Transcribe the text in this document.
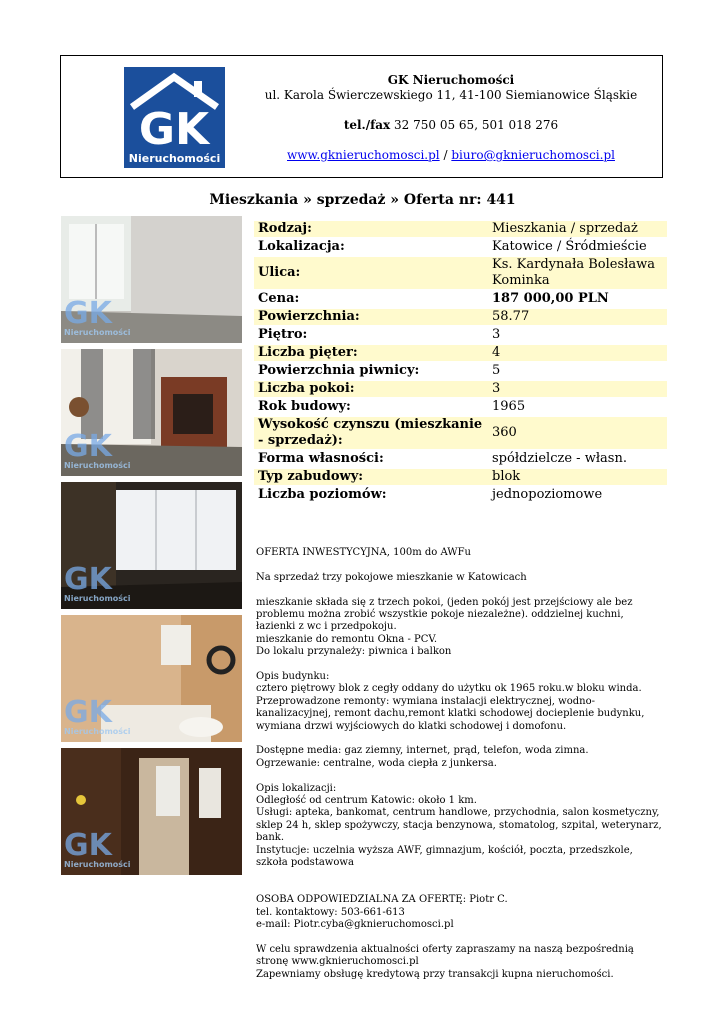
GK
Nieruchomości
GK Nieruchomości
ul. Karola Świerczewskiego 11, 41-100 Siemianowice Śląskie
tel./fax 32 750 05 65, 501 018 276
www.gknieruchomosci.pl / biuro@gknieruchomosci.pl
Mieszkania » sprzedaż » Oferta nr: 441
GK
Nieruchomości
GK
Nieruchomości
GK
Nieruchomości
GK
Nieruchomości
GK
Nieruchomości
Rodzaj:	Mieszkania / sprzedaż
Lokalizacja:	Katowice / Śródmieście
Ulica:	Ks. Kardynała Bolesława Kominka
Cena:	187 000,00 PLN
Powierzchnia:	58.77
Piętro:	3
Liczba pięter:	4
Powierzchnia piwnicy:	5
Liczba pokoi:	3
Rok budowy:	1965
Wysokość czynszu (mieszkanie - sprzedaż):	360
Forma własności:	spółdzielcze - własn.
Typ zabudowy:	blok
Liczba poziomów:	jednopoziomowe

OFERTA INWESTYCYJNA, 100m do AWFu

Na sprzedaż trzy pokojowe mieszkanie w Katowicach

mieszkanie składa się z trzech pokoi, (jeden pokój jest przejściowy ale bez problemu można zrobić wszystkie pokoje niezależne). oddzielnej kuchni, łazienki z wc i przedpokoju.

mieszkanie do remontu Okna - PCV.

Do lokalu przynależy: piwnica i balkon

Opis budynku:

cztero piętrowy blok z cegły oddany do użytku ok 1965 roku.w bloku winda.

Przeprowadzone remonty: wymiana instalacji elektrycznej, wodno-kanalizacyjnej, remont dachu,remont klatki schodowej docieplenie budynku, wymiana drzwi wyjściowych do klatki schodowej i domofonu.

Dostępne media: gaz ziemny, internet, prąd, telefon, woda zimna.

Ogrzewanie: centralne, woda ciepła z junkersa.

Opis lokalizacji:

Odległość od centrum Katowic: około 1 km.

Usługi: apteka, bankomat, centrum handlowe, przychodnia, salon kosmetyczny, sklep 24 h, sklep spożywczy, stacja benzynowa, stomatolog, szpital, weterynarz, bank.

Instytucje: uczelnia wyższa AWF, gimnazjum, kościół, poczta, przedszkole, szkoła podstawowa

OSOBA ODPOWIEDZIALNA ZA OFERTĘ: Piotr C.

tel. kontaktowy: 503-661-613

e-mail: Piotr.cyba@gknieruchomosci.pl

W celu sprawdzenia aktualności oferty zapraszamy na naszą bezpośrednią stronę www.gknieruchomosci.pl

Zapewniamy obsługę kredytową przy transakcji kupna nieruchomości.
